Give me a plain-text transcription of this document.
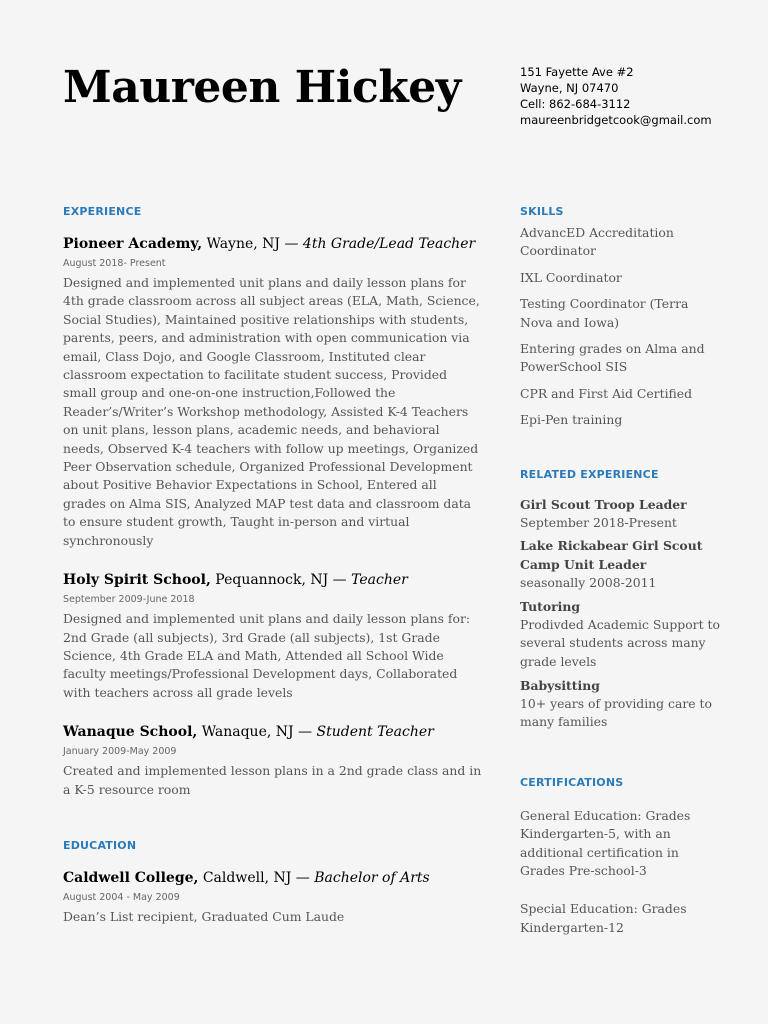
Maureen Hickey	151 Fayette Ave #2
Wayne, NJ 07470
Cell: 862-684-3112
maureenbridgetcook@gmail.com
EXPERIENCE

Pioneer Academy, Wayne, NJ — 4th Grade/Lead Teacher

August 2018- Present

Designed and implemented unit plans and daily lesson plans for 4th grade classroom across all subject areas (ELA, Math, Science, Social Studies), Maintained positive relationships with students, parents, peers, and administration with open communication via email, Class Dojo, and Google Classroom, Instituted clear classroom expectation to facilitate student success, Provided small group and one-on-one instruction,Followed the Reader’s/Writer’s Workshop methodology, Assisted K-4 Teachers on unit plans, lesson plans, academic needs, and behavioral needs, Observed K-4 teachers with follow up meetings, Organized Peer Observation schedule, Organized Professional Development about Positive Behavior Expectations in School, Entered all grades on Alma SIS, Analyzed MAP test data and classroom data to ensure student growth, Taught in-person and virtual synchronously

Holy Spirit School, Pequannock, NJ — Teacher

September 2009-June 2018

Designed and implemented unit plans and daily lesson plans for: 2nd Grade (all subjects), 3rd Grade (all subjects), 1st Grade Science, 4th Grade ELA and Math, Attended all School Wide faculty meetings/Professional Development days, Collaborated with teachers across all grade levels

Wanaque School, Wanaque, NJ — Student Teacher

January 2009-May 2009

Created and implemented lesson plans in a 2nd grade class and in a K-5 resource room

EDUCATION

Caldwell College, Caldwell, NJ — Bachelor of Arts

August 2004 - May 2009

Dean’s List recipient, Graduated Cum Laude

SKILLS
AdvancED Accreditation Coordinator
IXL Coordinator
Testing Coordinator (Terra Nova and Iowa)
Entering grades on Alma and PowerSchool SIS
CPR and First Aid Certified
Epi-Pen training
RELATED EXPERIENCE
Girl Scout Troop Leader
September 2018-Present
Lake Rickabear Girl Scout Camp Unit Leader
seasonally 2008-2011
Tutoring
Prodivded Academic Support to several students across many grade levels
Babysitting
10+ years of providing care to many families
CERTIFICATIONS
General Education: Grades Kindergarten-5, with an additional certification in Grades Pre-school-3
Special Education: Grades Kindergarten-12
